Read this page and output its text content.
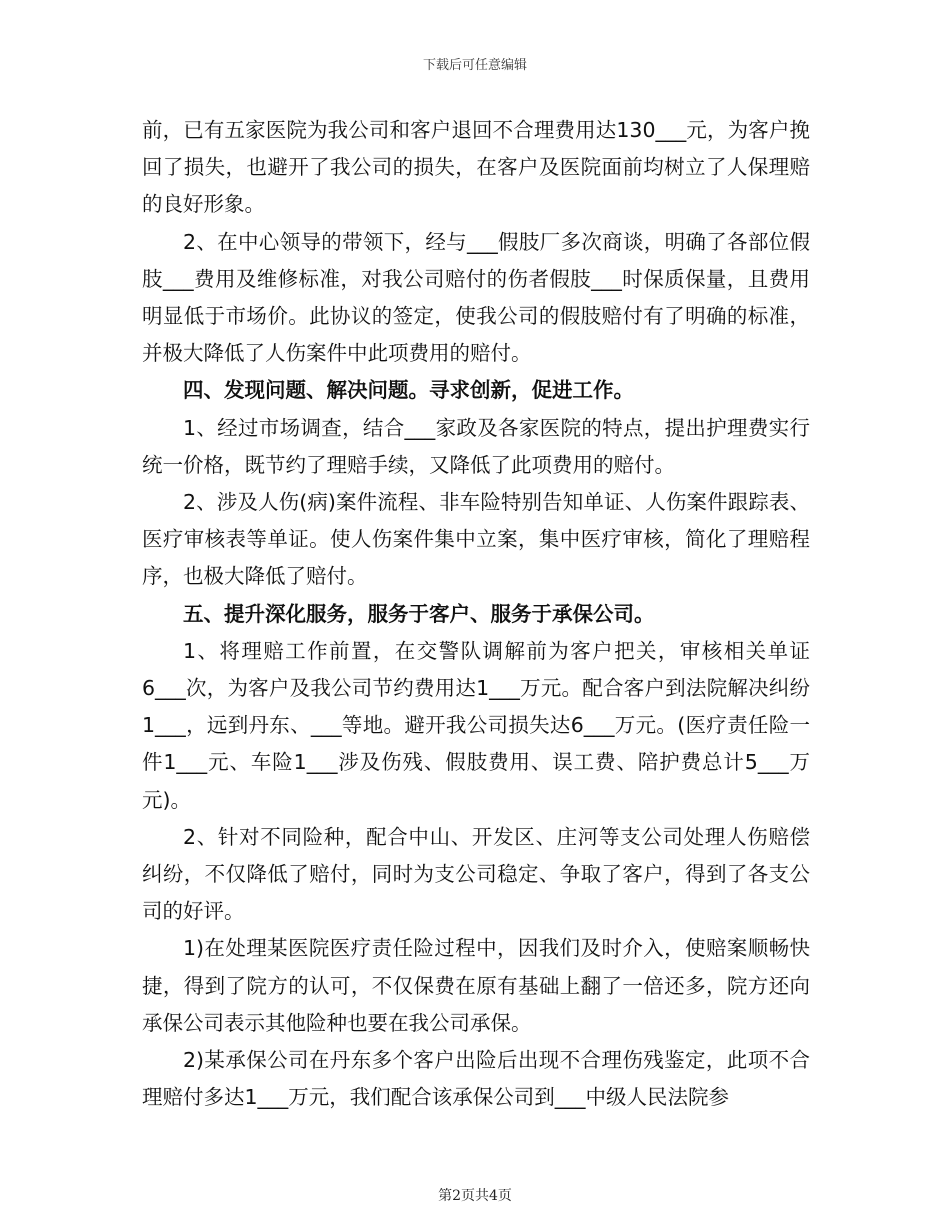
下载后可任意编辑

前，已有五家医院为我公司和客户退回不合理费用达130___元，为客户挽回了损失，也避开了我公司的损失，在客户及医院面前均树立了人保理赔的良好形象。

2、在中心领导的带领下，经与___假肢厂多次商谈，明确了各部位假肢___费用及维修标准，对我公司赔付的伤者假肢___时保质保量，且费用明显低于市场价。此协议的签定，使我公司的假肢赔付有了明确的标准，并极大降低了人伤案件中此项费用的赔付。

四、发现问题、解决问题。寻求创新，促进工作。

1、经过市场调查，结合___家政及各家医院的特点，提出护理费实行统一价格，既节约了理赔手续，又降低了此项费用的赔付。

2、涉及人伤(病)案件流程、非车险特别告知单证、人伤案件跟踪表、医疗审核表等单证。使人伤案件集中立案，集中医疗审核，简化了理赔程序，也极大降低了赔付。

五、提升深化服务，服务于客户、服务于承保公司。

1、将理赔工作前置，在交警队调解前为客户把关，审核相关单证6___次，为客户及我公司节约费用达1___万元。配合客户到法院解决纠纷1___，远到丹东、___等地。避开我公司损失达6___万元。(医疗责任险一件1___元、车险1___涉及伤残、假肢费用、误工费、陪护费总计5___万元)。

2、针对不同险种，配合中山、开发区、庄河等支公司处理人伤赔偿纠纷，不仅降低了赔付，同时为支公司稳定、争取了客户，得到了各支公司的好评。

1)在处理某医院医疗责任险过程中，因我们及时介入，使赔案顺畅快捷，得到了院方的认可，不仅保费在原有基础上翻了一倍还多，院方还向承保公司表示其他险种也要在我公司承保。

2)某承保公司在丹东多个客户出险后出现不合理伤残鉴定，此项不合理赔付多达1___万元，我们配合该承保公司到___中级人民法院参

第2页共4页
